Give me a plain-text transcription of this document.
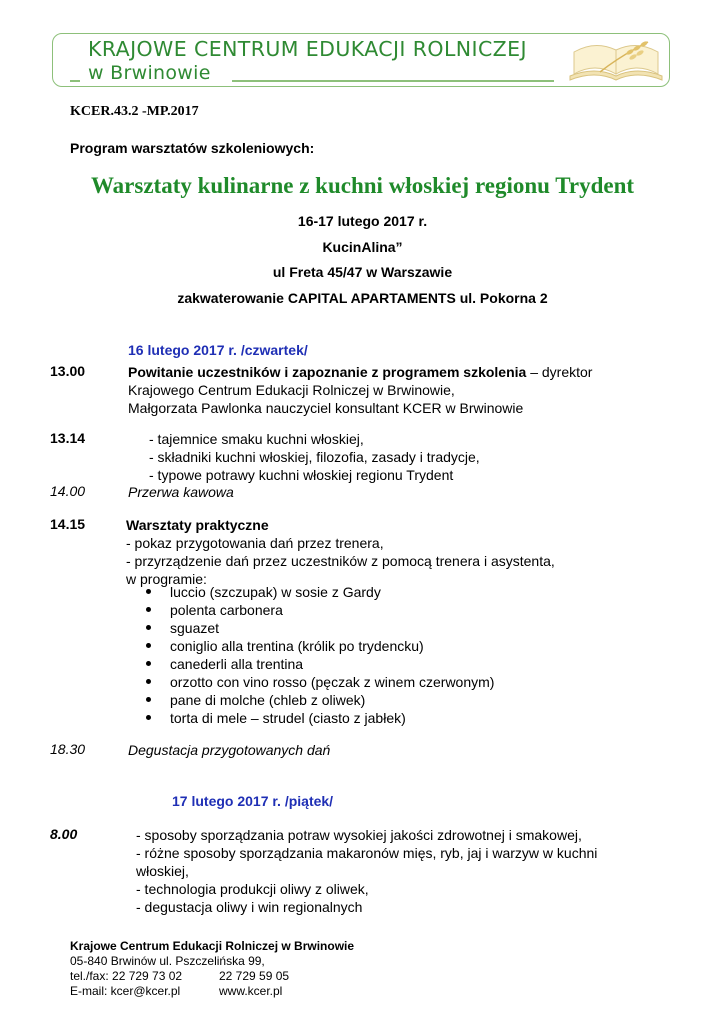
KRAJOWE CENTRUM EDUKACJI ROLNICZEJ
w Brwinowie
KCER.43.2 -MP.2017
Program warsztatów szkoleniowych:
Warsztaty kulinarne z kuchni włoskiej regionu Trydent
16-17 lutego 2017 r.
KucinAlina”
ul Freta 45/47 w Warszawie
zakwaterowanie CAPITAL APARTAMENTS ul. Pokorna 2
16 lutego 2017 r. /czwartek/
13.00	Powitanie uczestników i zapoznanie z programem szkolenia – dyrektor
Krajowego Centrum Edukacji Rolniczej w Brwinowie,
Małgorzata Pawlonka nauczyciel konsultant KCER w Brwinowie
13.14	- tajemnice smaku kuchni włoskiej,
- składniki kuchni włoskiej, filozofia, zasady i tradycje,
- typowe potrawy kuchni włoskiej regionu Trydent
14.00	Przerwa kawowa
14.15	Warsztaty praktyczne
- pokaz przygotowania dań przez trenera,
- przyrządzenie dań przez uczestników z pomocą trenera i asystenta,
w programie:
luccio (szczupak) w sosie z Gardy
polenta carbonera
sguazet
coniglio alla trentina (królik po trydencku)
canederli alla trentina
orzotto con vino rosso (pęczak z winem czerwonym)
pane di molche (chleb z oliwek)
torta di mele – strudel (ciasto z jabłek)
18.30	Degustacja przygotowanych dań
17 lutego 2017 r. /piątek/
8.00	- sposoby sporządzania potraw wysokiej jakości zdrowotnej i smakowej,
- różne sposoby sporządzania makaronów mięs, ryb, jaj i warzyw w kuchni
włoskiej,
- technologia produkcji oliwy z oliwek,
- degustacja oliwy i win regionalnych
Krajowe Centrum Edukacji Rolniczej w Brwinowie
05-840 Brwinów ul. Pszczelińska 99,
tel./fax: 22 729 73 02	22 729 59 05
E-mail: kcer@kcer.pl	www.kcer.pl
